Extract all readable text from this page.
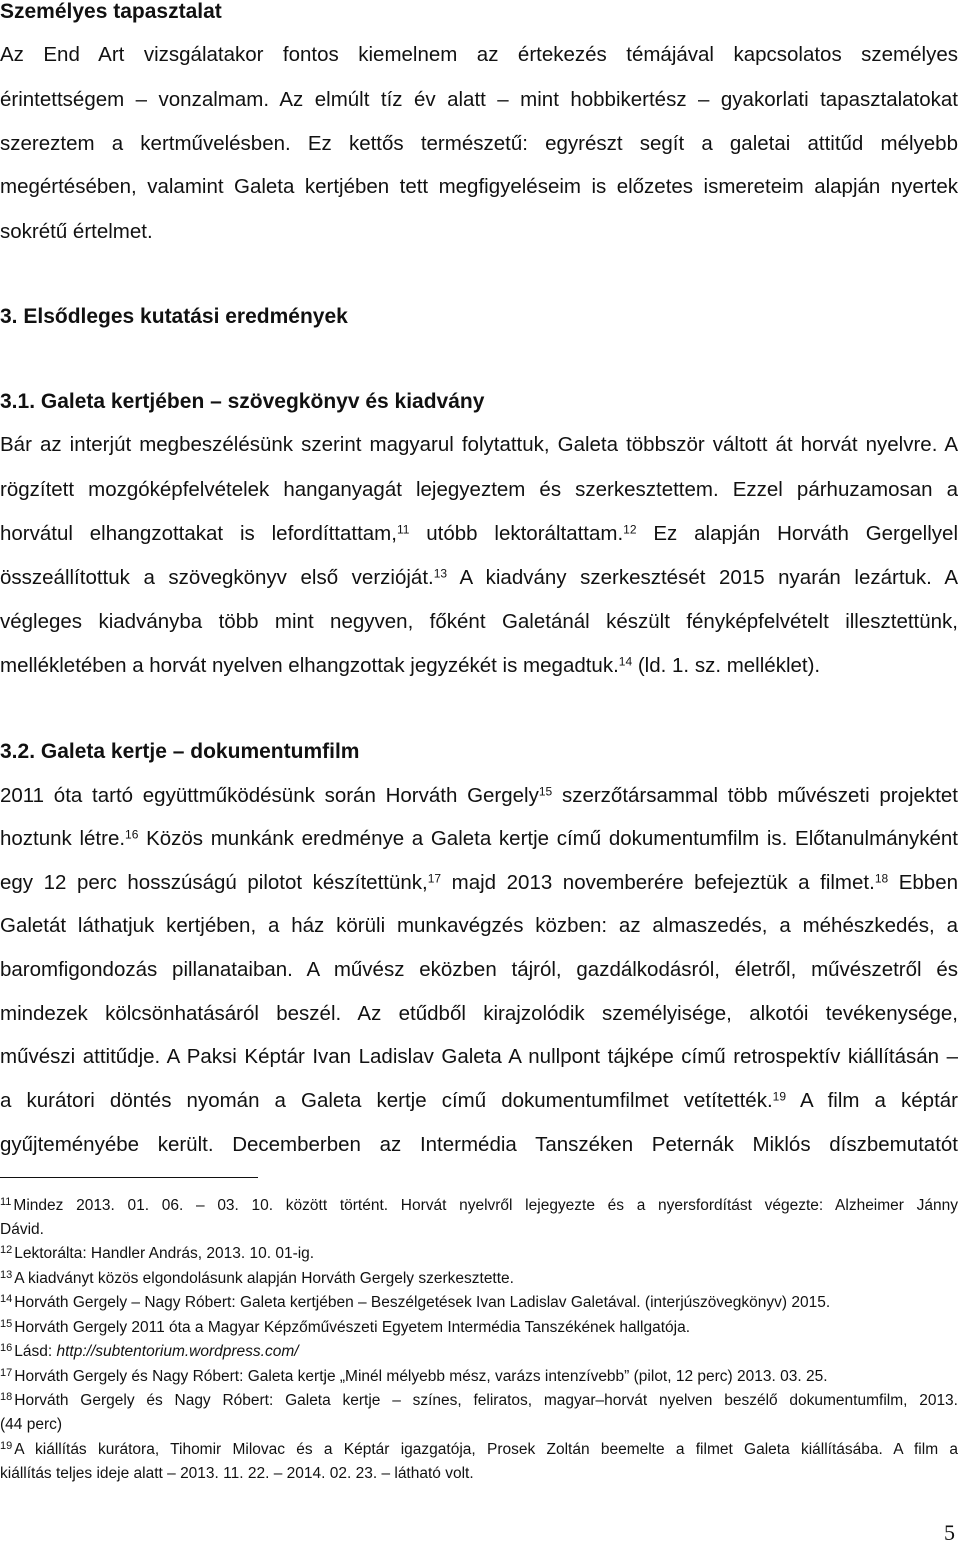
Személyes tapasztalat
Az End Art vizsgálatakor fontos kiemelnem az értekezés témájával kapcsolatos személyes
érintettségem – vonzalmam. Az elmúlt tíz év alatt – mint hobbikertész – gyakorlati tapasztalatokat
szereztem a kertművelésben. Ez kettős természetű: egyrészt segít a galetai attitűd mélyebb
megértésében, valamint Galeta kertjében tett megfigyeléseim is előzetes ismereteim alapján nyertek
sokrétű értelmet.
3. Elsődleges kutatási eredmények
3.1. Galeta kertjében – szövegkönyv és kiadvány
Bár az interjút megbeszélésünk szerint magyarul folytattuk, Galeta többször váltott át horvát nyelvre. A
rögzített mozgóképfelvételek hanganyagát lejegyeztem és szerkesztettem. Ezzel párhuzamosan a
horvátul elhangzottakat is lefordíttattam,$^{11}$ utóbb lektoráltattam.$^{12}$ Ez alapján Horváth Gergellyel
összeállítottuk a szövegkönyv első verzióját.$^{13}$ A kiadvány szerkesztését 2015 nyarán lezártuk. A
végleges kiadványba több mint negyven, főként Galetánál készült fényképfelvételt illesztettünk,
mellékletében a horvát nyelven elhangzottak jegyzékét is megadtuk.$^{14}$ (ld. 1. sz. melléklet).
3.2. Galeta kertje – dokumentumfilm
2011 óta tartó együttműködésünk során Horváth Gergely$^{15}$ szerzőtársammal több művészeti projektet
hoztunk létre.$^{16}$ Közös munkánk eredménye a Galeta kertje című dokumentumfilm is. Előtanulmányként
egy 12 perc hosszúságú pilotot készítettünk,$^{17}$ majd 2013 novemberére befejeztük a filmet.$^{18}$ Ebben
Galetát láthatjuk kertjében, a ház körüli munkavégzés közben: az almaszedés, a méhészkedés, a
baromfigondozás pillanataiban. A művész eközben tájról, gazdálkodásról, életről, művészetről és
mindezek kölcsönhatásáról beszél. Az etűdből kirajzolódik személyisége, alkotói tevékenysége,
művészi attitűdje. A Paksi Képtár Ivan Ladislav Galeta A nullpont tájképe című retrospektív kiállításán –
a kurátori döntés nyomán a Galeta kertje című dokumentumfilmet vetítették.$^{19}$ A film a képtár
gyűjteményébe került. Decemberben az Intermédia Tanszéken Peternák Miklós díszbemutatót
$^{11}$ Mindez 2013. 01. 06. – 03. 10. között történt. Horvát nyelvről lejegyezte és a nyersfordítást végezte: Alzheimer Jánny
Dávid.
$^{12}$ Lektorálta: Handler András, 2013. 10. 01-ig.
$^{13}$ A kiadványt közös elgondolásunk alapján Horváth Gergely szerkesztette.
$^{14}$ Horváth Gergely – Nagy Róbert: Galeta kertjében – Beszélgetések Ivan Ladislav Galetával. (interjúszövegkönyv) 2015.
$^{15}$ Horváth Gergely 2011 óta a Magyar Képzőművészeti Egyetem Intermédia Tanszékének hallgatója.
$^{16}$ Lásd: http://subtentorium.wordpress.com/
$^{17}$ Horváth Gergely és Nagy Róbert: Galeta kertje „Minél mélyebb mész, varázs intenzívebb” (pilot, 12 perc) 2013. 03. 25.
$^{18}$ Horváth Gergely és Nagy Róbert: Galeta kertje – színes, feliratos, magyar–horvát nyelven beszélő dokumentumfilm, 2013.
(44 perc)
$^{19}$ A kiállítás kurátora, Tihomir Milovac és a Képtár igazgatója, Prosek Zoltán beemelte a filmet Galeta kiállításába. A film a
kiállítás teljes ideje alatt – 2013. 11. 22. – 2014. 02. 23. – látható volt.
5
